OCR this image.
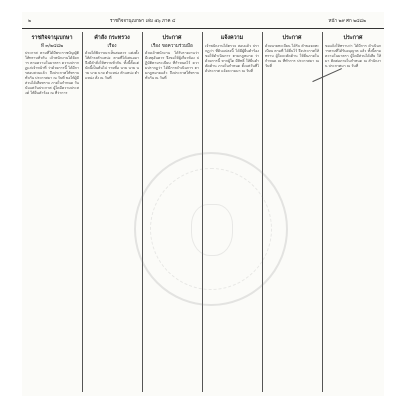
๒	ราชกิจจานุเบกษา เล่ม ๕๖ ภาค ๔	หน้า ๒๙ ศก ๒๔๘๒
ราชกิจจานุเบกษา
ที่ ๓/๒๔๘๒
ประกาศ ตามที่ได้มีพระราชบัญญัติ ให้ทราบทั่วกัน เจ้าพนักงานได้จัดการ ตามความในมาตรา ความปรากฏแก่เจ้าหน้าที่ ว่าด้วยการนี้ ได้มีการสอบสวนแล้ว จึงประกาศให้ทราบทั่วกัน ประกาศมา ณ วันที่ ขอให้ผู้มีส่วนได้เสียทราบ ภายในกำหนด วันนับแต่วันประกาศ ผู้ใดมีความประสงค์ ให้ยื่นคำร้อง ณ ที่ว่าการ
คำสั่ง กระทรวง
เรื่อง
ด้วยได้พิจารณาเห็นสมควร แต่งตั้งให้ดำรงตำแหน่ง ตามที่ได้เสนอมา จึงมีคำสั่งให้ทราบทั่วกัน ทั้งนี้ตั้งแต่บัดนี้เป็นต้นไป รายชื่อ นาย นาย นาย นาย นาย ตำแหน่ง ตำแหน่ง ตำแหน่ง สั่ง ณ วันที่
ประกาศ
เรื่อง ขอความร่วมมือ
ด้วยเจ้าพนักงาน ได้รับรายงานว่า มีเหตุอันควร จึงขอให้ผู้เกี่ยวข้อง ปฏิบัติตามระเบียบ ที่กำหนดไว้ ความปรากฏว่า ได้มีการดำเนินการ ตามกฎหมายแล้ว จึงประกาศให้ทราบ ทั่วกัน ณ วันที่
แจ้งความ
เจ้าพนักงานได้ตรวจ สอบแล้ว ปรากฏว่า ที่ดินแปลงนี้ ได้มีผู้ยื่นคำร้อง ขอให้ดำเนินการ ตามกฎหมาย ว่าด้วยการนี้ หากผู้ใด มีสิทธิ์ ให้ยื่นคำคัดค้าน ภายในกำหนด ตั้งแต่วันที่ได้ประกาศ แจ้งความมา ณ วันที่
ประกาศ
ด้วยนายทะเบียน ได้รับ คำขอจดทะเบียน ตามที่ ได้ยื่นไว้ จึงประกาศให้ ทราบ ผู้ใดจะคัดค้าน ให้ยื่นภายในกำหนด ณ ที่ทำการ ประกาศมา ณ วันที่
ประกาศ
ขอแจ้งให้ทราบว่า ได้มีการ ดำเนินการตามที่ได้รับอนุญาต แล้ว ทั้งนี้ตามความในมาตรา ผู้ใดมีส่วนได้เสีย ให้มา ติดต่อภายในกำหนด ณ สำนักงาน ประกาศมา ณ วันที่
